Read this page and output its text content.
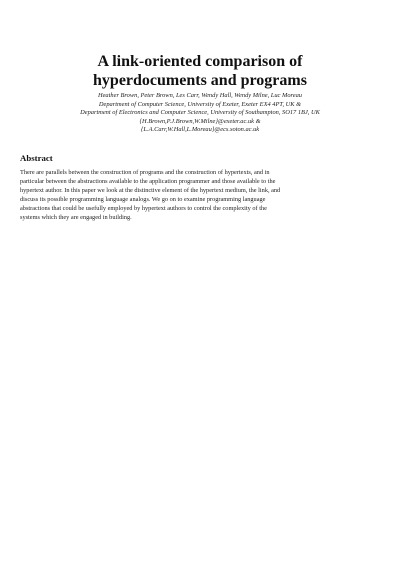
A link-oriented comparison of
hyperdocuments and programs
Heather Brown, Peter Brown, Les Carr, Wendy Hall, Wendy Milne, Luc Moreau
Department of Computer Science, University of Exeter, Exeter EX4 4PT, UK &
Department of Electronics and Computer Science, University of Southampton, SO17 1BJ, UK
{H.Brown,P.J.Brown,W.Milne}@exeter.ac.uk &
{L.A.Carr,W.Hall,L.Moreau}@ecs.soton.ac.uk
Abstract
There are parallels between the construction of programs and the construction of hypertexts, and in
particular between the abstractions available to the application programmer and those available to the
hypertext author. In this paper we look at the distinctive element of the hypertext medium, the link, and
discuss its possible programming language analogs. We go on to examine programming language
abstractions that could be usefully employed by hypertext authors to control the complexity of the
systems which they are engaged in building.
